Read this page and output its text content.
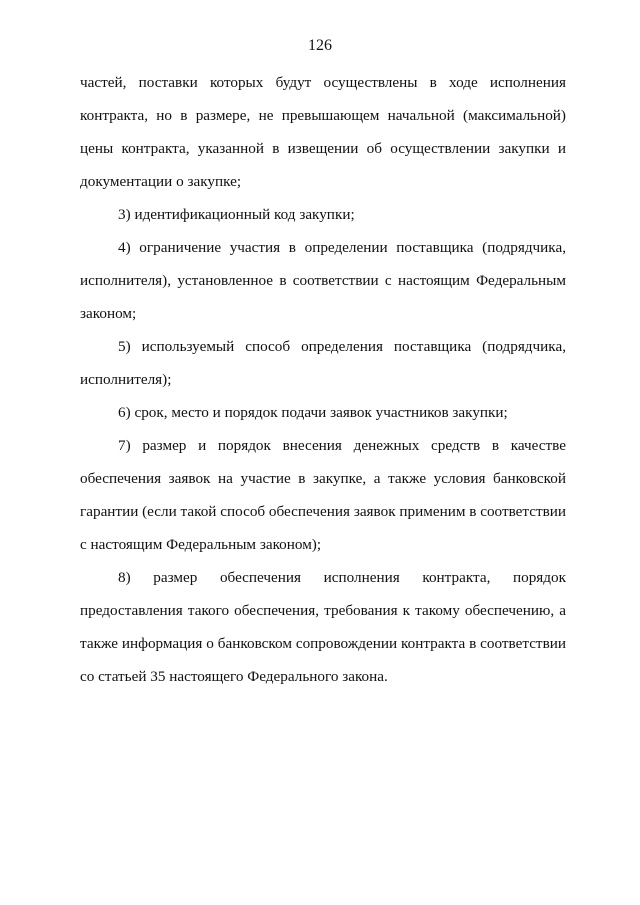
126
частей, поставки которых будут осуществлены в ходе исполнения
контракта, но в размере, не превышающем начальной (максимальной)
цены контракта, указанной в извещении об осуществлении закупки и
документации о закупке;
3) идентификационный код закупки;
4) ограничение участия в определении поставщика (подрядчика,
исполнителя), установленное в соответствии с настоящим Федеральным
законом;
5) используемый способ определения поставщика (подрядчика,
исполнителя);
6) срок, место и порядок подачи заявок участников закупки;
7) размер и порядок внесения денежных средств в качестве
обеспечения заявок на участие в закупке, а также условия банковской
гарантии (если такой способ обеспечения заявок применим в соответствии
с настоящим Федеральным законом);
8) размер обеспечения исполнения контракта, порядок
предоставления такого обеспечения, требования к такому обеспечению, а
также информация о банковском сопровождении контракта в соответствии
со статьей 35 настоящего Федерального закона.
